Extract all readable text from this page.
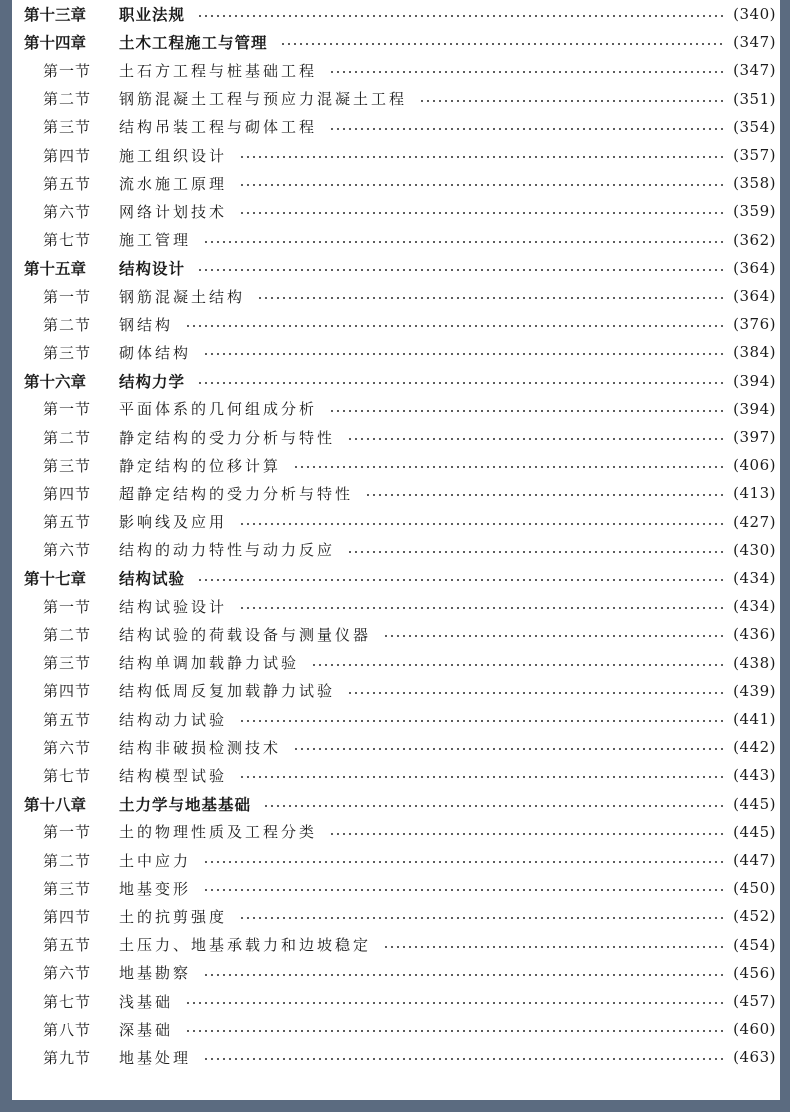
第十三章	职业法规	(340)
第十四章	土木工程施工与管理	(347)
第一节	土石方工程与桩基础工程	(347)
第二节	钢筋混凝土工程与预应力混凝土工程	(351)
第三节	结构吊装工程与砌体工程	(354)
第四节	施工组织设计	(357)
第五节	流水施工原理	(358)
第六节	网络计划技术	(359)
第七节	施工管理	(362)
第十五章	结构设计	(364)
第一节	钢筋混凝土结构	(364)
第二节	钢结构	(376)
第三节	砌体结构	(384)
第十六章	结构力学	(394)
第一节	平面体系的几何组成分析	(394)
第二节	静定结构的受力分析与特性	(397)
第三节	静定结构的位移计算	(406)
第四节	超静定结构的受力分析与特性	(413)
第五节	影响线及应用	(427)
第六节	结构的动力特性与动力反应	(430)
第十七章	结构试验	(434)
第一节	结构试验设计	(434)
第二节	结构试验的荷载设备与测量仪器	(436)
第三节	结构单调加载静力试验	(438)
第四节	结构低周反复加载静力试验	(439)
第五节	结构动力试验	(441)
第六节	结构非破损检测技术	(442)
第七节	结构模型试验	(443)
第十八章	土力学与地基基础	(445)
第一节	土的物理性质及工程分类	(445)
第二节	土中应力	(447)
第三节	地基变形	(450)
第四节	土的抗剪强度	(452)
第五节	土压力、地基承载力和边坡稳定	(454)
第六节	地基勘察	(456)
第七节	浅基础	(457)
第八节	深基础	(460)
第九节	地基处理	(463)
